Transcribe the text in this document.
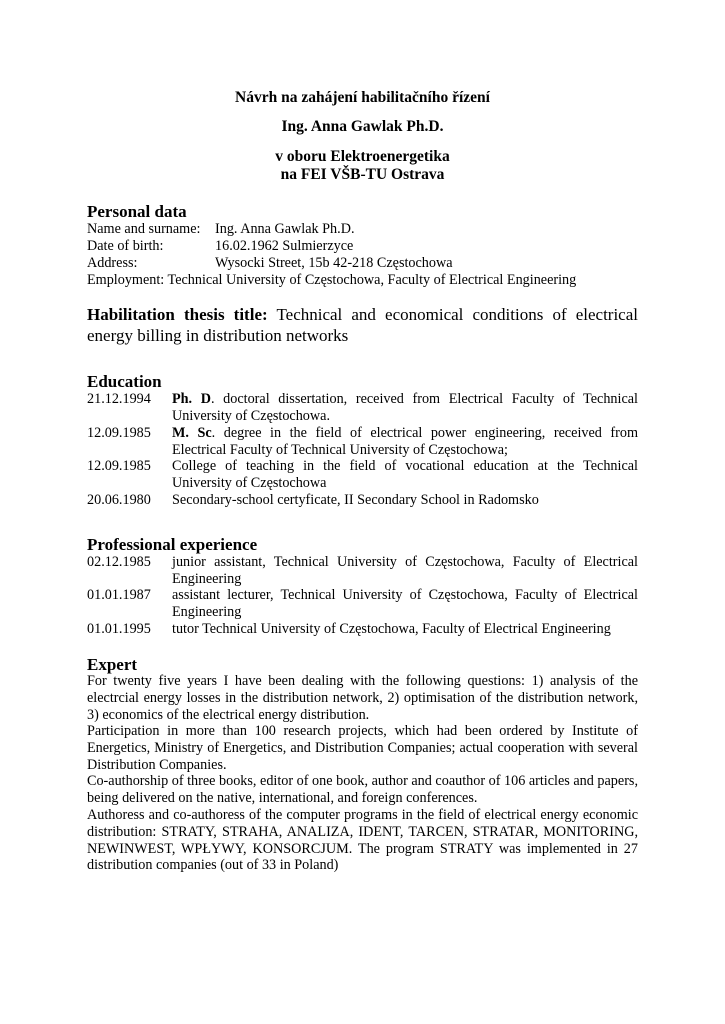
Návrh na zahájení habilitačního řízení
Ing. Anna Gawlak Ph.D.
v oboru Elektroenergetika
na FEI VŠB-TU Ostrava
Personal data
Name and surname: Ing. Anna Gawlak Ph.D.
Date of birth:	16.02.1962 Sulmierzyce
Address:	Wysocki Street, 15b 42-218 Częstochowa
Employment: Technical University of Częstochowa, Faculty of Electrical Engineering
Habilitation thesis title: Technical and economical conditions of electrical energy billing in distribution networks
Education
21.12.1994	Ph. D. doctoral dissertation, received from Electrical Faculty of Technical University of Częstochowa.
12.09.1985	M. Sc. degree in the field of electrical power engineering, received from Electrical Faculty of Technical University of Częstochowa;
12.09.1985	College of teaching in the field of vocational education at the Technical University of Częstochowa
20.06.1980	Secondary-school certyficate, II Secondary School in Radomsko
Professional experience
02.12.1985	junior assistant, Technical University of Częstochowa, Faculty of Electrical Engineering
01.01.1987	assistant lecturer, Technical University of Częstochowa, Faculty of Electrical Engineering
01.01.1995	tutor Technical University of Częstochowa, Faculty of Electrical Engineering
Expert
For twenty five years I have been dealing with the following questions: 1) analysis of the electrcial energy losses in the distribution network, 2) optimisation of the distribution network, 3) economics of the electrical energy distribution.
Participation in more than 100 research projects, which had been ordered by Institute of Energetics, Ministry of Energetics, and Distribution Companies; actual cooperation with several Distribution Companies.
Co-authorship of three books, editor of one book, author and coauthor of 106 articles and papers, being delivered on the native, international, and foreign conferences.
Authoress and co-authoress of the computer programs in the field of electrical energy economic distribution: STRATY, STRAHA, ANALIZA, IDENT, TARCEN, STRATAR, MONITORING, NEWINWEST, WPŁYWY, KONSORCJUM. The program STRATY was implemented in 27 distribution companies (out of 33 in Poland)
